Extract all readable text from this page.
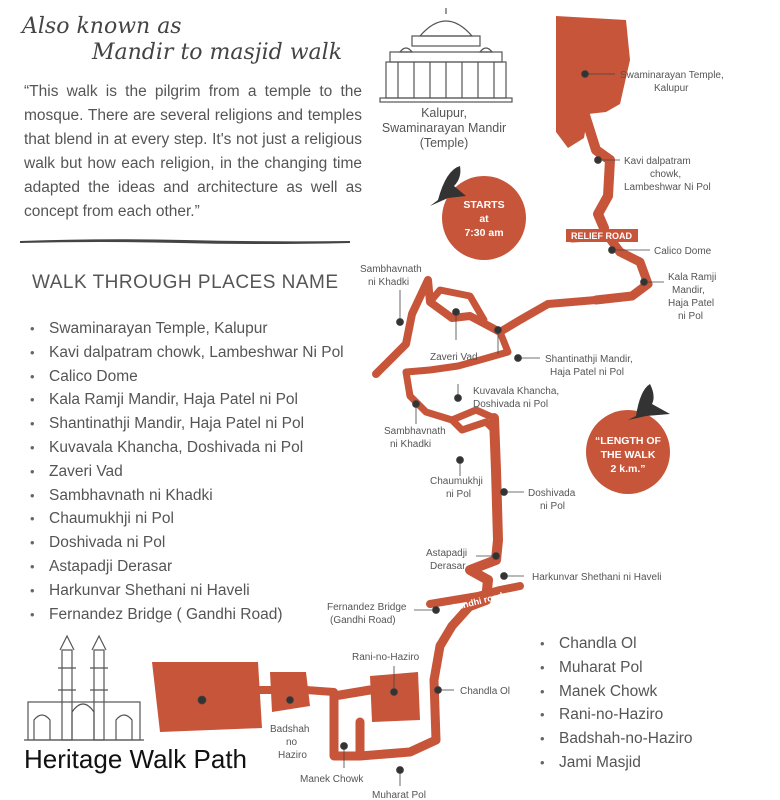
RELIEF ROAD
Gandhi road
STARTS
at
7:30 am
“LENGTH OF
THE WALK
2 k.m.”
Swaminarayan Temple,
Kalupur
Kavi dalpatram
chowk,
Lambeshwar Ni Pol
Calico Dome
Kala Ramji
Mandir,
Haja Patel
ni Pol
Sambhavnath
ni Khadki
Zaveri Vad	Shantinathji Mandir,
Haja Patel ni Pol
Kuvavala Khancha,
Doshivada ni Pol
Sambhavnath
ni Khadki
Chaumukhji
ni Pol	Doshivada
ni Pol
Astapadji
Derasar
Harkunvar Shethani ni Haveli
Fernandez Bridge
(Gandhi Road)
Rani-no-Haziro
Chandla Ol
Badshah
no
Haziro
Manek Chowk
Muharat Pol
Also known as
Mandir to masjid walk
“This walk is the pilgrim from a temple to the mosque. There are several religions and temples that blend in at every step. It's not just a religious walk but how each religion, in the changing time adapted the ideas and architecture as well as concept from each other.”
WALK THROUGH PLACES NAME
• Swaminarayan Temple, Kalupur
• Kavi dalpatram chowk, Lambeshwar Ni Pol
• Calico Dome
• Kala Ramji Mandir, Haja Patel ni Pol
• Shantinathji Mandir, Haja Patel ni Pol
• Kuvavala Khancha, Doshivada ni Pol
• Zaveri Vad
• Sambhavnath ni Khadki
• Chaumukhji ni Pol
• Doshivada ni Pol
• Astapadji Derasar
• Harkunvar Shethani ni Haveli
• Fernandez Bridge ( Gandhi Road)
• Chandla Ol
• Muharat Pol
• Manek Chowk
• Rani-no-Haziro
• Badshah-no-Haziro
• Jami Masjid
Kalupur,
Swaminarayan Mandir
(Temple)
Heritage Walk Path
